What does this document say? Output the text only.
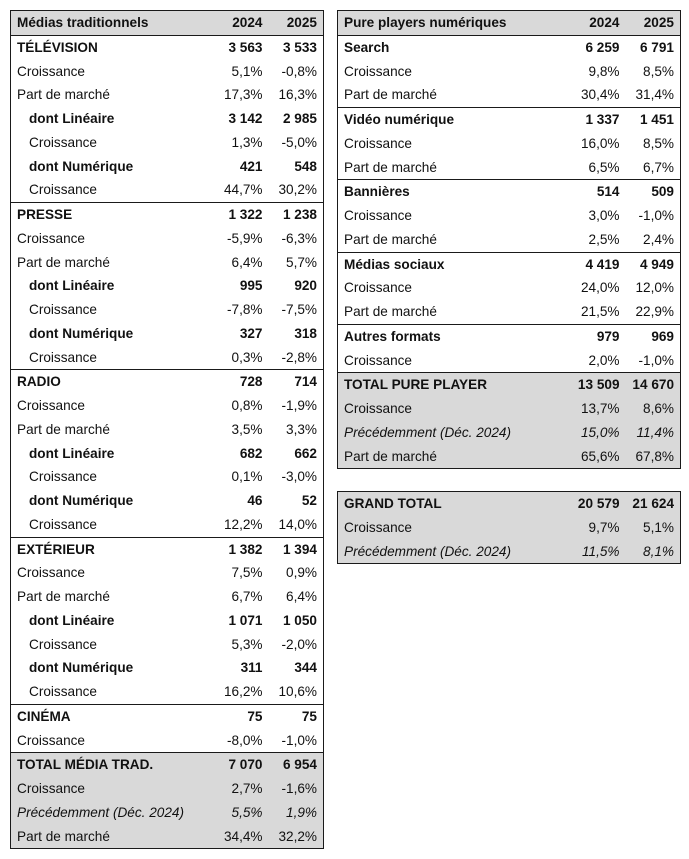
Médias traditionnels	2024	2025
TÉLÉVISION	3 563	3 533
Croissance	5,1%	-0,8%
Part de marché	17,3%	16,3%
dont Linéaire	3 142	2 985
Croissance	1,3%	-5,0%
dont Numérique	421	548
Croissance	44,7%	30,2%
PRESSE	1 322	1 238
Croissance	-5,9%	-6,3%
Part de marché	6,4%	5,7%
dont Linéaire	995	920
Croissance	-7,8%	-7,5%
dont Numérique	327	318
Croissance	0,3%	-2,8%
RADIO	728	714
Croissance	0,8%	-1,9%
Part de marché	3,5%	3,3%
dont Linéaire	682	662
Croissance	0,1%	-3,0%
dont Numérique	46	52
Croissance	12,2%	14,0%
EXTÉRIEUR	1 382	1 394
Croissance	7,5%	0,9%
Part de marché	6,7%	6,4%
dont Linéaire	1 071	1 050
Croissance	5,3%	-2,0%
dont Numérique	311	344
Croissance	16,2%	10,6%
CINÉMA	75	75
Croissance	-8,0%	-1,0%
TOTAL MÉDIA TRAD.	7 070	6 954
Croissance	2,7%	-1,6%
Précédemment (Déc. 2024)	5,5%	1,9%
Part de marché	34,4%	32,2%
Pure players numériques	2024	2025
Search	6 259	6 791
Croissance	9,8%	8,5%
Part de marché	30,4%	31,4%
Vidéo numérique	1 337	1 451
Croissance	16,0%	8,5%
Part de marché	6,5%	6,7%
Bannières	514	509
Croissance	3,0%	-1,0%
Part de marché	2,5%	2,4%
Médias sociaux	4 419	4 949
Croissance	24,0%	12,0%
Part de marché	21,5%	22,9%
Autres formats	979	969
Croissance	2,0%	-1,0%
TOTAL PURE PLAYER	13 509	14 670
Croissance	13,7%	8,6%
Précédemment (Déc. 2024)	15,0%	11,4%
Part de marché	65,6%	67,8%
GRAND TOTAL	20 579	21 624
Croissance	9,7%	5,1%
Précédemment (Déc. 2024)	11,5%	8,1%
